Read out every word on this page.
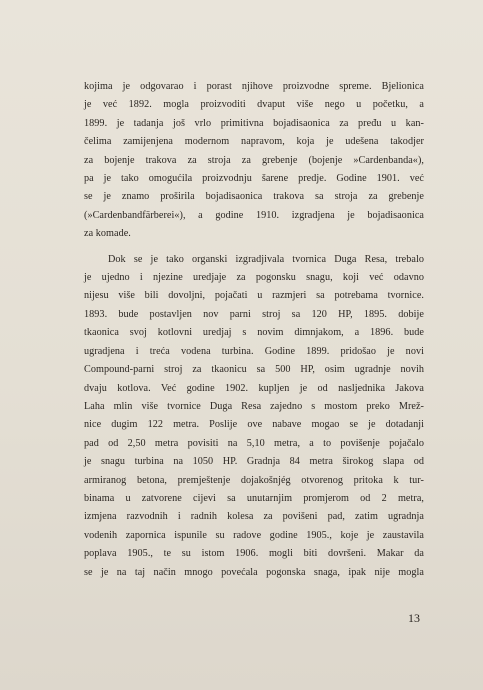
kojima je odgovarao i porast njihove proizvodne spreme. Bjelionica
je već 1892. mogla proizvoditi dvaput više nego u početku, a
1899. je tadanja još vrlo primitivna bojadisaonica za pređu u kan-
čelima zamijenjena modernom napravom, koja je udešena takodjer
za bojenje trakova za stroja za grebenje (bojenje »Cardenbanda«),
pa je tako omogućila proizvodnju šarene predje. Godine 1901. već
se je znamo proširila bojadisaonica trakova sa stroja za grebenje
(»Cardenbandfärberei«), a godine 1910. izgradjena je bojadisaonica
za komade.
Dok se je tako organski izgradjivala tvornica Duga Resa, trebalo
je ujedno i njezine uredjaje za pogonsku snagu, koji već odavno
nijesu više bili dovoljni, pojačati u razmjeri sa potrebama tvornice.
1893. bude postavljen nov parni stroj sa 120 HP, 1895. dobije
tkaonica svoj kotlovni uredjaj s novim dimnjakom, a 1896. bude
ugradjena i treća vodena turbina. Godine 1899. pridošao je novi
Compound-parni stroj za tkaonicu sa 500 HP, osim ugradnje novih
dvaju kotlova. Već godine 1902. kupljen je od nasljednika Jakova
Laha mlin više tvornice Duga Resa zajedno s mostom preko Mrež-
nice dugim 122 metra. Poslije ove nabave mogao se je dotadanji
pad od 2,50 metra povisiti na 5,10 metra, a to povišenje pojačalo
je snagu turbina na 1050 HP. Gradnja 84 metra širokog slapa od
armiranog betona, premještenje dojakošnjég otvorenog pritoka k tur-
binama u zatvorene cijevi sa unutarnjim promjerom od 2 metra,
izmjena razvodnih i radnih kolesa za povišeni pad, zatim ugradnja
vodenih zapornica ispunile su radove godine 1905., koje je zaustavila
poplava 1905., te su istom 1906. mogli biti dovršeni. Makar da
se je na taj način mnogo povećala pogonska snaga, ipak nije mogla
13
